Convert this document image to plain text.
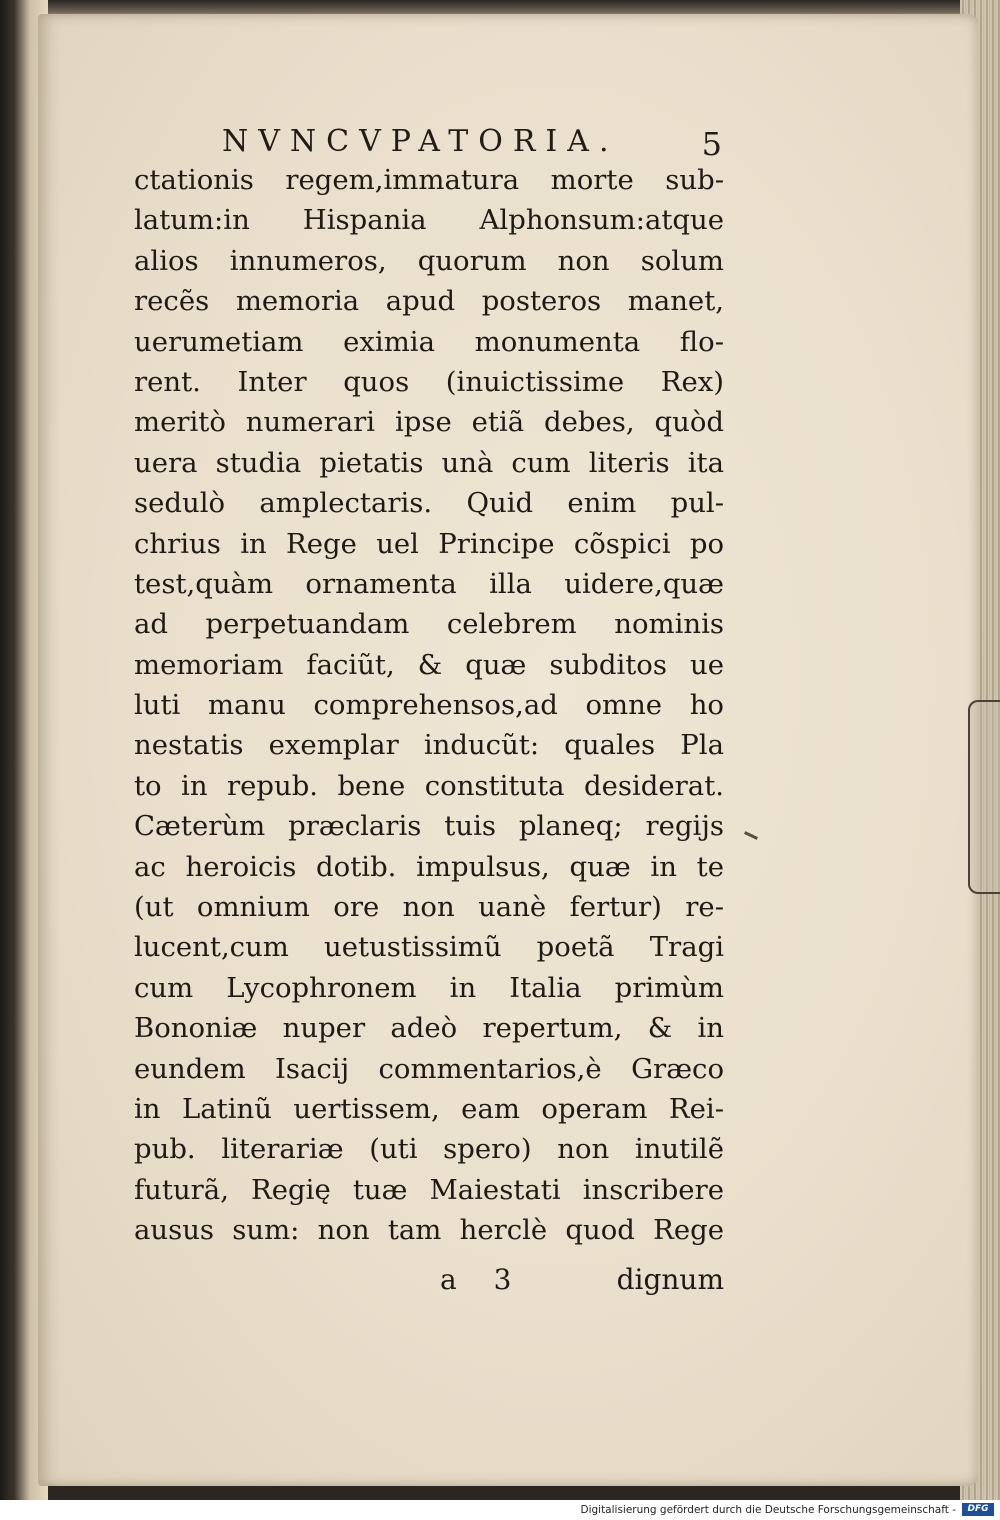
NVNCVPATORIA.	5
ctationis regem,immatura morte sub-
latum:in Hispania Alphonsum:atque
alios innumeros, quorum non solum
recẽs memoria apud posteros manet,
uerumetiam eximia monumenta flo-
rent. Inter quos (inuictissime Rex)
meritò numerari ipse etiã debes, quòd
uera studia pietatis unà cum literis ita
sedulò amplectaris. Quid enim pul-
chrius in Rege uel Principe cõspici po
test,quàm ornamenta illa uidere,quæ
ad perpetuandam celebrem nominis
memoriam faciũt, & quæ subditos ue
luti manu comprehensos,ad omne ho
nestatis exemplar inducũt: quales Pla
to in repub. bene constituta desiderat.
Cæterùm præclaris tuis planeq; regijs
ac heroicis dotib. impulsus, quæ in te
(ut omnium ore non uanè fertur) re-
lucent,cum uetustissimũ poetã Tragi
cum Lycophronem in Italia primùm
Bononiæ nuper adeò repertum, & in
eundem Isacij commentarios,è Græco
in Latinũ uertissem, eam operam Rei-
pub. literariæ (uti spero) non inutilẽ
futurã, Regię tuæ Maiestati inscribere
ausus sum: non tam herclè quod Rege
a 3	dignum
Digitalisierung gefördert durch die Deutsche Forschungsgemeinschaft -	DFG
